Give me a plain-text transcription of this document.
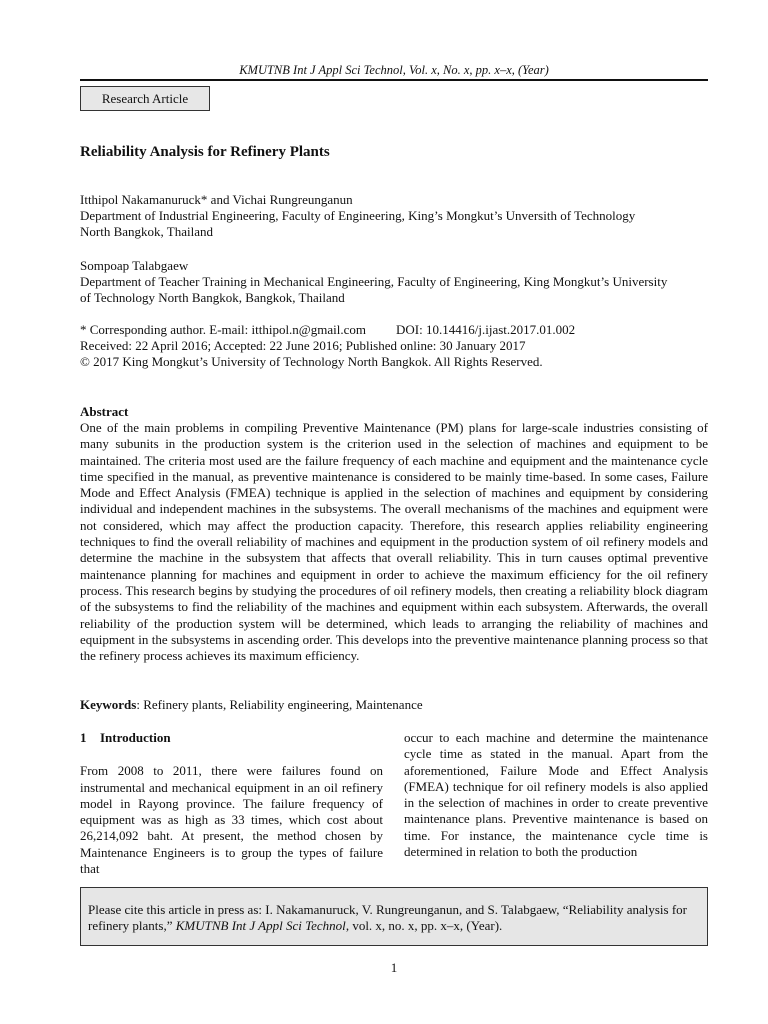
KMUTNB Int J Appl Sci Technol, Vol. x, No. x, pp. x–x, (Year)
Research Article
Reliability Analysis for Refinery Plants
Itthipol Nakamanuruck* and Vichai Rungreunganun
Department of Industrial Engineering, Faculty of Engineering, King’s Mongkut’s Unversith of Technology
North Bangkok, Thailand
Sompoap Talabgaew
Department of Teacher Training in Mechanical Engineering, Faculty of Engineering, King Mongkut’s University
of Technology North Bangkok, Bangkok, Thailand
* Corresponding author. E-mail: itthipol.n@gmail.com DOI: 10.14416/j.ijast.2017.01.002
Received: 22 April 2016; Accepted: 22 June 2016; Published online: 30 January 2017
© 2017 King Mongkut’s University of Technology North Bangkok. All Rights Reserved.
Abstract
One of the main problems in compiling Preventive Maintenance (PM) plans for large-scale industries consisting of many subunits in the production system is the criterion used in the selection of machines and equipment to be maintained. The criteria most used are the failure frequency of each machine and equipment and the maintenance cycle time specified in the manual, as preventive maintenance is considered to be mainly time-based. In some cases, Failure Mode and Effect Analysis (FMEA) technique is applied in the selection of machines and equipment by considering individual and independent machines in the subsystems. The overall mechanisms of the machines and equipment were not considered, which may affect the production capacity. Therefore, this research applies reliability engineering techniques to find the overall reliability of machines and equipment in the production system of oil refinery models and determine the machine in the subsystem that affects that overall reliability. This in turn causes optimal preventive maintenance planning for machines and equipment in order to achieve the maximum efficiency for the oil refinery process. This research begins by studying the procedures of oil refinery models, then creating a reliability block diagram of the subsystems to find the reliability of the machines and equipment within each subsystem. Afterwards, the overall reliability of the production system will be determined, which leads to arranging the reliability of machines and equipment in the subsystems in ascending order. This develops into the preventive maintenance planning process so that the refinery process achieves its maximum efficiency.
Keywords: Refinery plants, Reliability engineering, Maintenance
1 Introduction
From 2008 to 2011, there were failures found on instrumental and mechanical equipment in an oil refinery model in Rayong province. The failure frequency of equipment was as high as 33 times, which cost about 26,214,092 baht. At present, the method chosen by Maintenance Engineers is to group the types of failure that
occur to each machine and determine the maintenance cycle time as stated in the manual. Apart from the aforementioned, Failure Mode and Effect Analysis (FMEA) technique for oil refinery models is also applied in the selection of machines in order to create preventive maintenance plans. Preventive maintenance is based on time. For instance, the maintenance cycle time is determined in relation to both the production
Please cite this article in press as: I. Nakamanuruck, V. Rungreunganun, and S. Talabgaew, “Reliability analysis for refinery plants,” KMUTNB Int J Appl Sci Technol, vol. x, no. x, pp. x–x, (Year).
1
